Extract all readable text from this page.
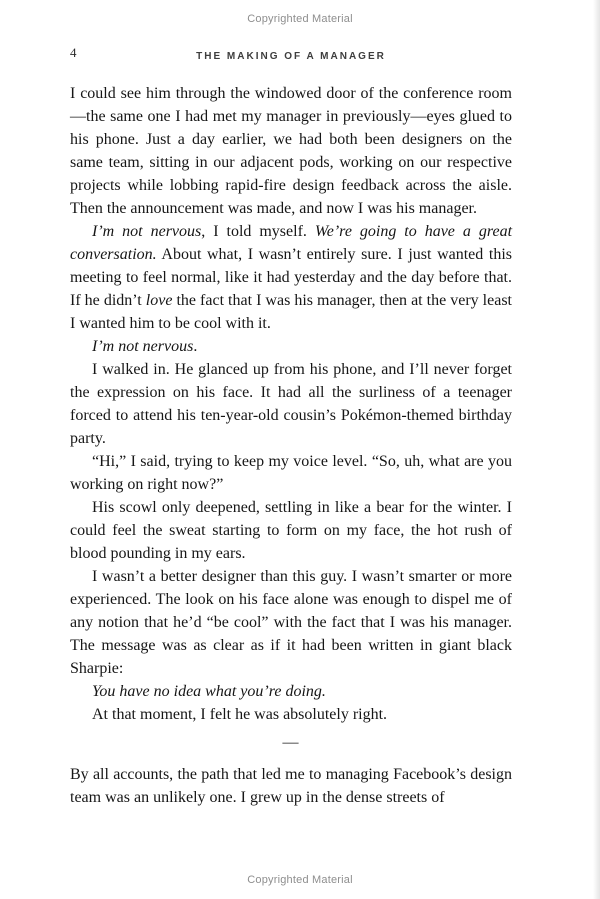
Copyrighted Material
4	THE MAKING OF A MANAGER

I could see him through the windowed door of the conference room—the same one I had met my manager in previously—eyes glued to his phone. Just a day earlier, we had both been designers on the same team, sitting in our adjacent pods, working on our respective projects while lobbing rapid-fire design feedback across the aisle. Then the announcement was made, and now I was his manager.

I’m not nervous, I told myself. We’re going to have a great conversation. About what, I wasn’t entirely sure. I just wanted this meeting to feel normal, like it had yesterday and the day before that. If he didn’t love the fact that I was his manager, then at the very least I wanted him to be cool with it.

I’m not nervous.

I walked in. He glanced up from his phone, and I’ll never forget the expression on his face. It had all the surliness of a teenager forced to attend his ten-year-old cousin’s Pokémon-themed birthday party.

“Hi,” I said, trying to keep my voice level. “So, uh, what are you working on right now?”

His scowl only deepened, settling in like a bear for the winter. I could feel the sweat starting to form on my face, the hot rush of blood pounding in my ears.

I wasn’t a better designer than this guy. I wasn’t smarter or more experienced. The look on his face alone was enough to dispel me of any notion that he’d “be cool” with the fact that I was his manager. The message was as clear as if it had been written in giant black Sharpie:

You have no idea what you’re doing.

At that moment, I felt he was absolutely right.

—

By all accounts, the path that led me to managing Facebook’s design team was an unlikely one. I grew up in the dense streets of

Copyrighted Material
